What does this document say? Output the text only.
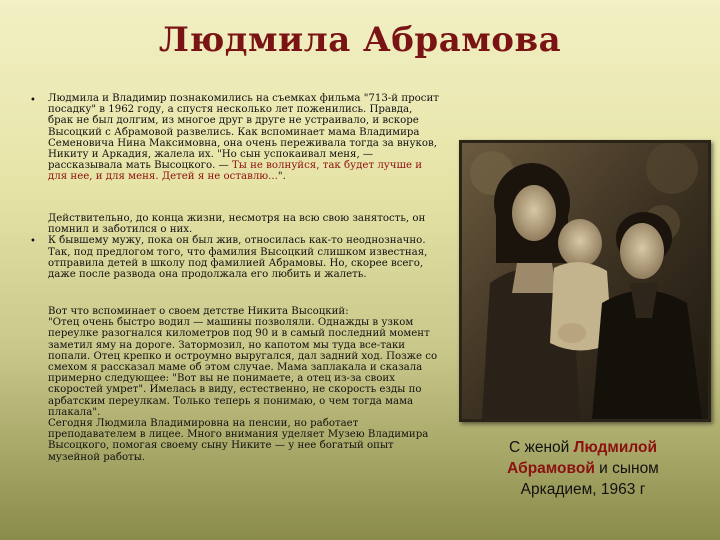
Людмила Абрамова
•
•
Людмила и Владимир познакомились на съемках фильма "713-й просит посадку" в 1962 году, а спустя несколько лет поженились. Правда, брак не был долгим, из многое друг в друге не устраивало, и вскоре Высоцкий с Абрамовой развелись. Как вспоминает мама Владимира Семеновича Нина Максимовна, она очень переживала тогда за внуков, Никиту и Аркадия, жалела их. "Но сын успокаивал меня, — рассказывала мать Высоцкого. — Ты не волнуйся, так будет лучше и для нее, и для меня. Детей я не оставлю...".
Действительно, до конца жизни, несмотря на всю свою занятость, он помнил и заботился о них.
К бывшему мужу, пока он был жив, относилась как-то неоднозначно. Так, под предлогом того, что фамилия Высоцкий слишком известная, отправила детей в школу под фамилией Абрамовы. Но, скорее всего, даже после развода она продолжала его любить и жалеть.
Вот что вспоминает о своем детстве Никита Высоцкий:
"Отец очень быстро водил — машины позволяли. Однажды в узком переулке разогнался километров под 90 и в самый последний момент заметил яму на дороге. Затормозил, но капотом мы туда все-таки попали. Отец крепко и остроумно выругался, дал задний ход. Позже со смехом я рассказал маме об этом случае. Мама заплакала и сказала примерно следующее: "Вот вы не понимаете, а отец из-за своих скоростей умрет". Имелась в виду, естественно, не скорость езды по арбатским переулкам. Только теперь я понимаю, о чем тогда мама плакала".
Сегодня Людмила Владимировна на пенсии, но работает преподавателем в лицее. Много внимания уделяет Музею Владимира Высоцкого, помогая своему сыну Никите — у нее богатый опыт музейной работы.
С женой Людмилой
Абрамовой и сыном
Аркадием, 1963 г
